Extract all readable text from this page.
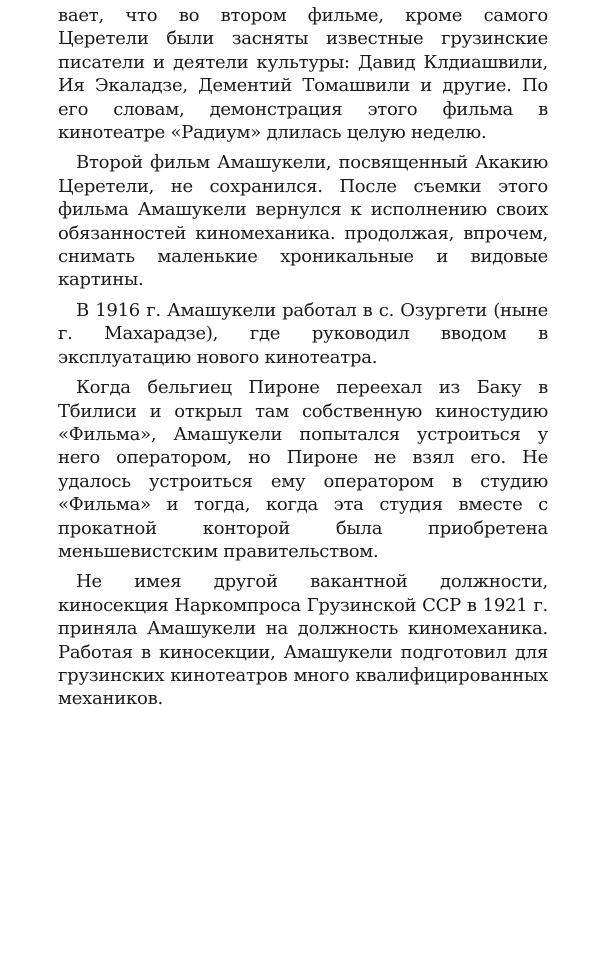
вает, что во втором фильме, кроме самого Церетели были засняты известные грузинские писатели и деятели культуры: Давид Клдиашвили, Ия Экаладзе, Дементий Томашвили и другие. По его словам, демонстрация этого фильма в кинотеатре «Радиум» длилась целую неделю.

Второй фильм Амашукели, посвященный Акакию Церетели, не сохранился. После съемки этого фильма Амашукели вернулся к исполнению своих обязанностей киномеханика. продолжая, впрочем, снимать маленькие хроникальные и видовые картины.

В 1916 г. Амашукели работал в с. Озургети (ныне г. Махарадзе), где руководил вводом в эксплуатацию нового кинотеатра.

Когда бельгиец Пироне переехал из Баку в Тбилиси и открыл там собственную киностудию «Фильма», Амашукели попытался устроиться у него оператором, но Пироне не взял его. Не удалось устроиться ему оператором в студию «Фильма» и тогда, когда эта студия вместе с прокатной конторой была приобретена меньшевистским правительством.

Не имея другой вакантной должности, киносекция Наркомпроса Грузинской ССР в 1921 г. приняла Амашукели на должность киномеханика. Работая в киносекции, Амашукели подготовил для грузинских кинотеатров много квалифицированных механиков.
